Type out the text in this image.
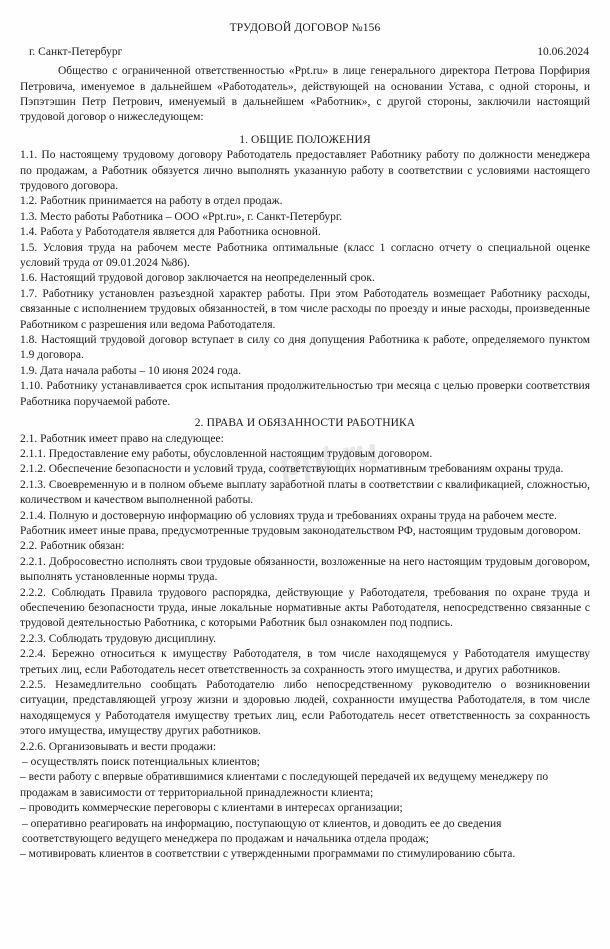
ppt.ru
ТРУДОВОЙ ДОГОВОР №156
г. Санкт-Петербург	10.06.2024

Общество с ограниченной ответственностью «Ppt.ru» в лице генерального директора Петрова Порфирия Петровича, именуемое в дальнейшем «Работодатель», действующей на основании Устава, с одной стороны, и Пэпэтэшин Петр Петрович, именуемый в дальнейшем «Работник», с другой стороны, заключили настоящий трудовой договор о нижеследующем:

1. ОБЩИЕ ПОЛОЖЕНИЯ

1.1. По настоящему трудовому договору Работодатель предоставляет Работнику работу по должности менеджера по продажам, а Работник обязуется лично выполнять указанную работу в соответствии с условиями настоящего трудового договора.

1.2. Работник принимается на работу в отдел продаж.

1.3. Место работы Работника – ООО «Ppt.ru», г. Санкт-Петербург.

1.4. Работа у Работодателя является для Работника основной.

1.5. Условия труда на рабочем месте Работника оптимальные (класс 1 согласно отчету о специальной оценке условий труда от 09.01.2024 №86).

1.6. Настоящий трудовой договор заключается на неопределенный срок.

1.7. Работнику установлен разъездной характер работы. При этом Работодатель возмещает Работнику расходы, связанные с исполнением трудовых обязанностей, в том числе расходы по проезду и иные расходы, произведенные Работником с разрешения или ведома Работодателя.

1.8. Настоящий трудовой договор вступает в силу со дня допущения Работника к работе, определяемого пунктом 1.9 договора.

1.9. Дата начала работы – 10 июня 2024 года.

1.10. Работнику устанавливается срок испытания продолжительностью три месяца с целью проверки соответствия Работника поручаемой работе.

2. ПРАВА И ОБЯЗАННОСТИ РАБОТНИКА

2.1. Работник имеет право на следующее:

2.1.1. Предоставление ему работы, обусловленной настоящим трудовым договором.

2.1.2. Обеспечение безопасности и условий труда, соответствующих нормативным требованиям охраны труда.

2.1.3. Своевременную и в полном объеме выплату заработной платы в соответствии с квалификацией, сложностью, количеством и качеством выполненной работы.

2.1.4. Полную и достоверную информацию об условиях труда и требованиях охраны труда на рабочем месте.

Работник имеет иные права, предусмотренные трудовым законодательством РФ, настоящим трудовым договором.

2.2. Работник обязан:

2.2.1. Добросовестно исполнять свои трудовые обязанности, возложенные на него настоящим трудовым договором, выполнять установленные нормы труда.

2.2.2. Соблюдать Правила трудового распорядка, действующие у Работодателя, требования по охране труда и обеспечению безопасности труда, иные локальные нормативные акты Работодателя, непосредственно связанные с трудовой деятельностью Работника, с которыми Работник был ознакомлен под подпись.

2.2.3. Соблюдать трудовую дисциплину.

2.2.4. Бережно относиться к имуществу Работодателя, в том числе находящемуся у Работодателя имуществу третьих лиц, если Работодатель несет ответственность за сохранность этого имущества, и других работников.

2.2.5. Незамедлительно сообщать Работодателю либо непосредственному руководителю о возникновении ситуации, представляющей угрозу жизни и здоровью людей, сохранности имущества Работодателя, в том числе находящемуся у Работодателя имуществу третьих лиц, если Работодатель несет ответственность за сохранность этого имущества, имуществу других работников.

2.2.6. Организовывать и вести продажи:

– осуществлять поиск потенциальных клиентов;

– вести работу с впервые обратившимися клиентами с последующей передачей их ведущему менеджеру по продажам в зависимости от территориальной принадлежности клиента;

– проводить коммерческие переговоры с клиентами в интересах организации;

– оперативно реагировать на информацию, поступающую от клиентов, и доводить ее до сведения соответствующего ведущего менеджера по продажам и начальника отдела продаж;

– мотивировать клиентов в соответствии с утвержденными программами по стимулированию сбыта.
